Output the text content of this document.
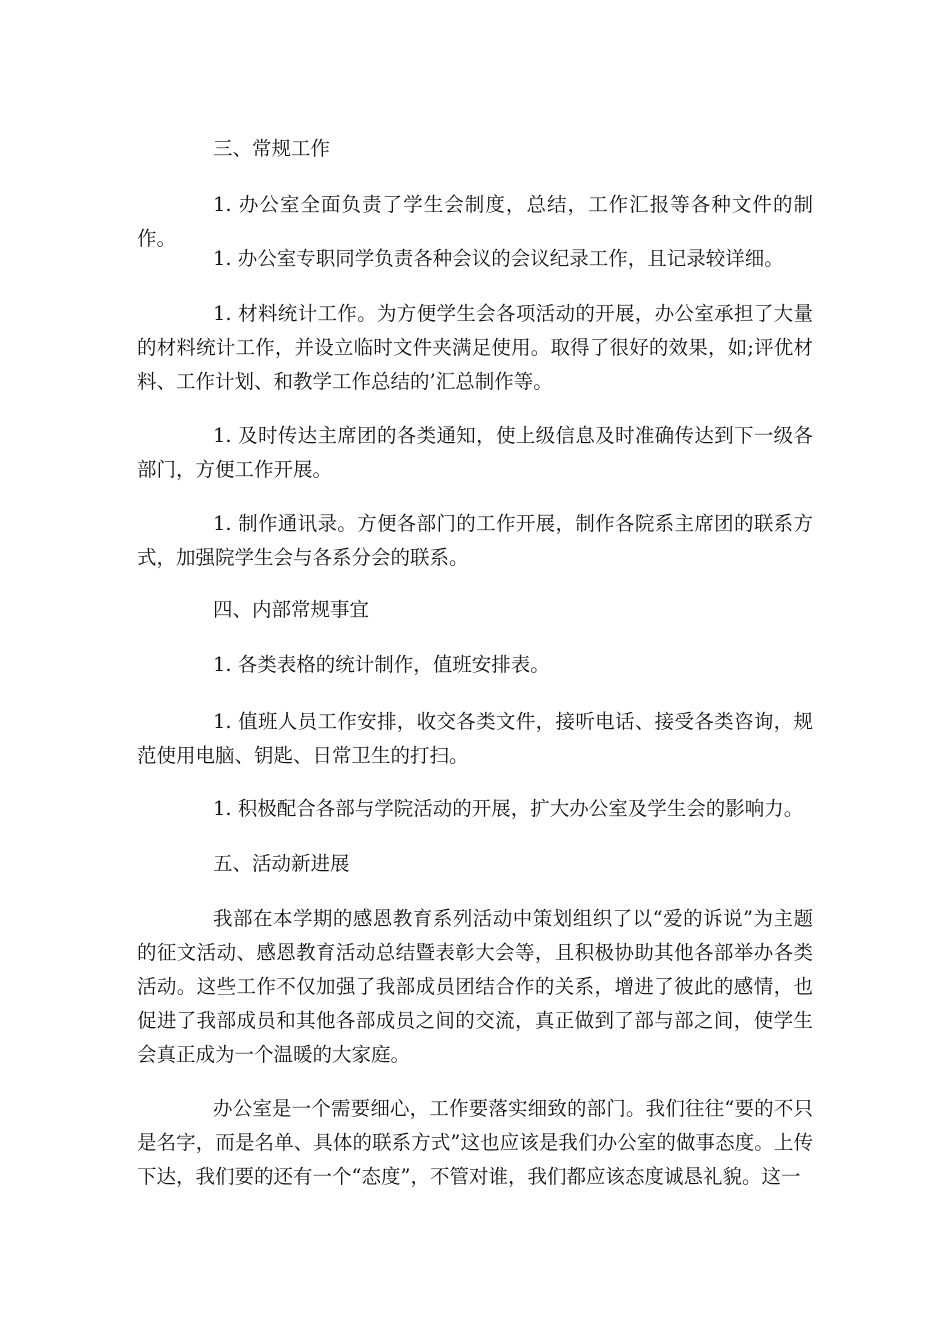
三、常规工作

1. 办公室全面负责了学生会制度，总结，工作汇报等各种文件的制作。

1. 办公室专职同学负责各种会议的会议纪录工作，且记录较详细。

1. 材料统计工作。为方便学生会各项活动的开展，办公室承担了大量的材料统计工作，并设立临时文件夹满足使用。取得了很好的效果，如;评优材料、工作计划、和教学工作总结的’汇总制作等。

1. 及时传达主席团的各类通知，使上级信息及时准确传达到下一级各部门，方便工作开展。

1. 制作通讯录。方便各部门的工作开展，制作各院系主席团的联系方式，加强院学生会与各系分会的联系。

四、内部常规事宜

1. 各类表格的统计制作，值班安排表。

1. 值班人员工作安排，收交各类文件，接听电话、接受各类咨询，规范使用电脑、钥匙、日常卫生的打扫。

1. 积极配合各部与学院活动的开展，扩大办公室及学生会的影响力。

五、活动新进展

我部在本学期的感恩教育系列活动中策划组织了以“爱的诉说”为主题的征文活动、感恩教育活动总结暨表彰大会等，且积极协助其他各部举办各类活动。这些工作不仅加强了我部成员团结合作的关系，增进了彼此的感情，也促进了我部成员和其他各部成员之间的交流，真正做到了部与部之间，使学生会真正成为一个温暖的大家庭。

办公室是一个需要细心，工作要落实细致的部门。我们往往“要的不只是名字，而是名单、具体的联系方式”这也应该是我们办公室的做事态度。上传下达，我们要的还有一个“态度”，不管对谁，我们都应该态度诚恳礼貌。这一
